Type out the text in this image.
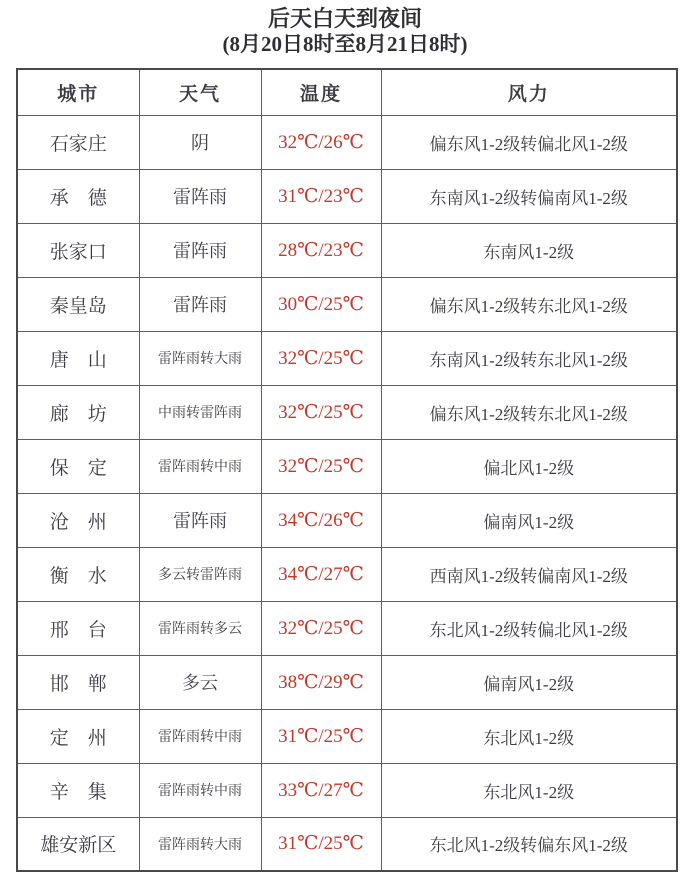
后天白天到夜间
(8月20日8时至8月21日8时)
城市	天气	温度	风力
石家庄	阴	32℃/26℃	偏东风1-2级转偏北风1-2级
承　德	雷阵雨	31℃/23℃	东南风1-2级转偏南风1-2级
张家口	雷阵雨	28℃/23℃	东南风1-2级
秦皇岛	雷阵雨	30℃/25℃	偏东风1-2级转东北风1-2级
唐　山	雷阵雨转大雨	32℃/25℃	东南风1-2级转东北风1-2级
廊　坊	中雨转雷阵雨	32℃/25℃	偏东风1-2级转东北风1-2级
保　定	雷阵雨转中雨	32℃/25℃	偏北风1-2级
沧　州	雷阵雨	34℃/26℃	偏南风1-2级
衡　水	多云转雷阵雨	34℃/27℃	西南风1-2级转偏南风1-2级
邢　台	雷阵雨转多云	32℃/25℃	东北风1-2级转偏北风1-2级
邯　郸	多云	38℃/29℃	偏南风1-2级
定　州	雷阵雨转中雨	31℃/25℃	东北风1-2级
辛　集	雷阵雨转中雨	33℃/27℃	东北风1-2级
雄安新区	雷阵雨转大雨	31℃/25℃	东北风1-2级转偏东风1-2级
